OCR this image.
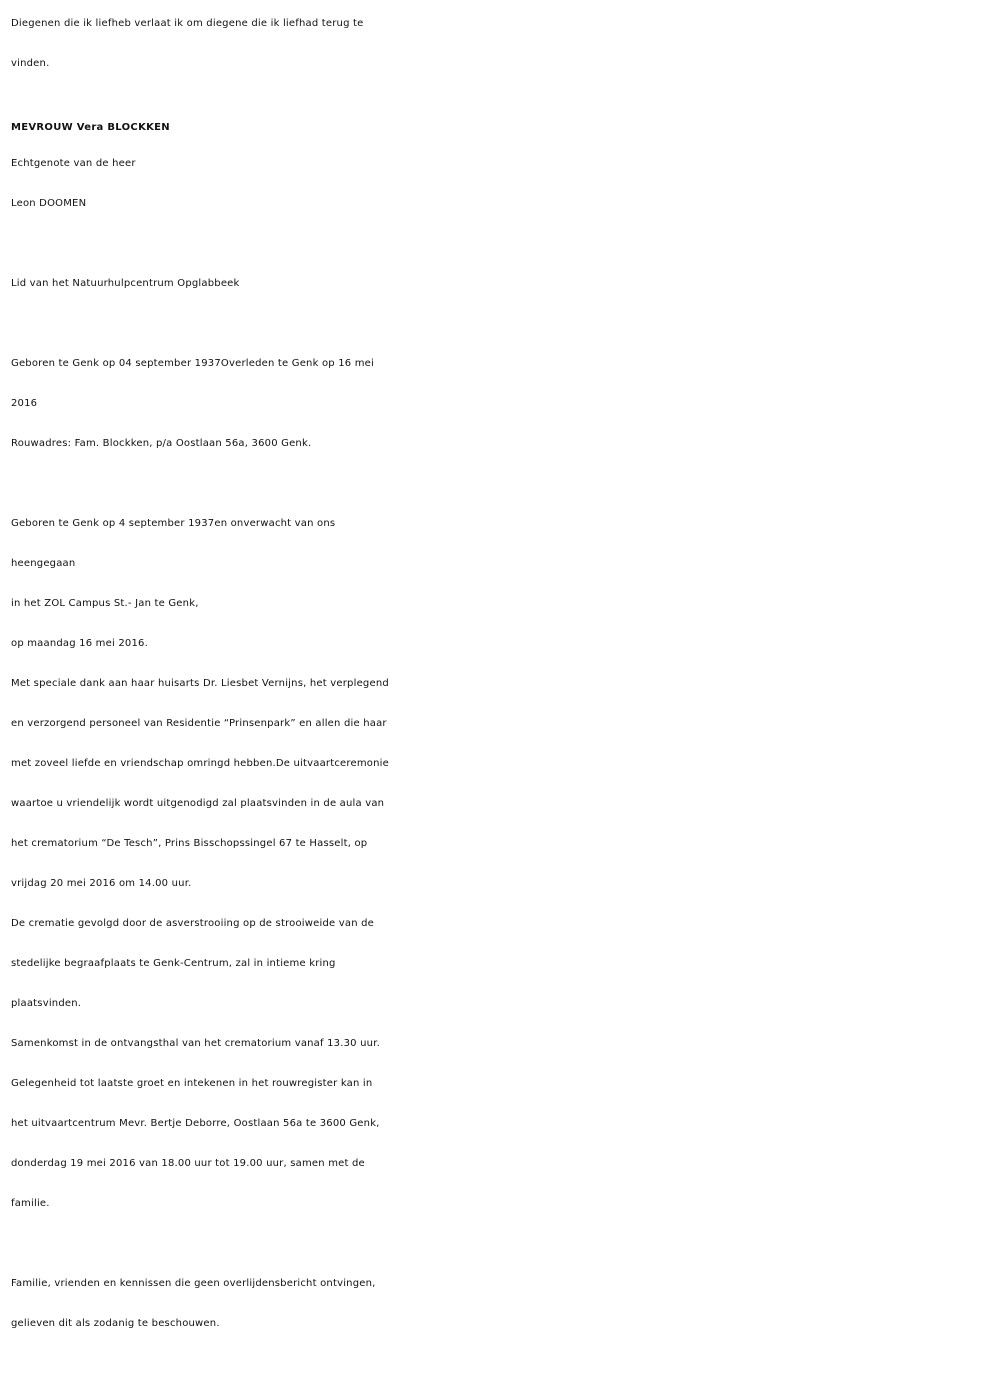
Diegenen die ik liefheb verlaat ik om diegene die ik liefhad terug te
vinden.
MEVROUW Vera BLOCKKEN
Echtgenote van de heer
Leon DOOMEN
Lid van het Natuurhulpcentrum Opglabbeek
Geboren te Genk op 04 september 1937Overleden te Genk op 16 mei
2016
Rouwadres: Fam. Blockken, p/a Oostlaan 56a, 3600 Genk.
Geboren te Genk op 4 september 1937en onverwacht van ons
heengegaan
in het ZOL Campus St.- Jan te Genk,
op maandag 16 mei 2016.
Met speciale dank aan haar huisarts Dr. Liesbet Vernijns, het verplegend
en verzorgend personeel van Residentie “Prinsenpark” en allen die haar
met zoveel liefde en vriendschap omringd hebben.De uitvaartceremonie
waartoe u vriendelijk wordt uitgenodigd zal plaatsvinden in de aula van
het crematorium “De Tesch”, Prins Bisschopssingel 67 te Hasselt, op
vrijdag 20 mei 2016 om 14.00 uur.
De crematie gevolgd door de asverstrooiing op de strooiweide van de
stedelijke begraafplaats te Genk-Centrum, zal in intieme kring
plaatsvinden.
Samenkomst in de ontvangsthal van het crematorium vanaf 13.30 uur.
Gelegenheid tot laatste groet en intekenen in het rouwregister kan in
het uitvaartcentrum Mevr. Bertje Deborre, Oostlaan 56a te 3600 Genk,
donderdag 19 mei 2016 van 18.00 uur tot 19.00 uur, samen met de
familie.
Familie, vrienden en kennissen die geen overlijdensbericht ontvingen,
gelieven dit als zodanig te beschouwen.
